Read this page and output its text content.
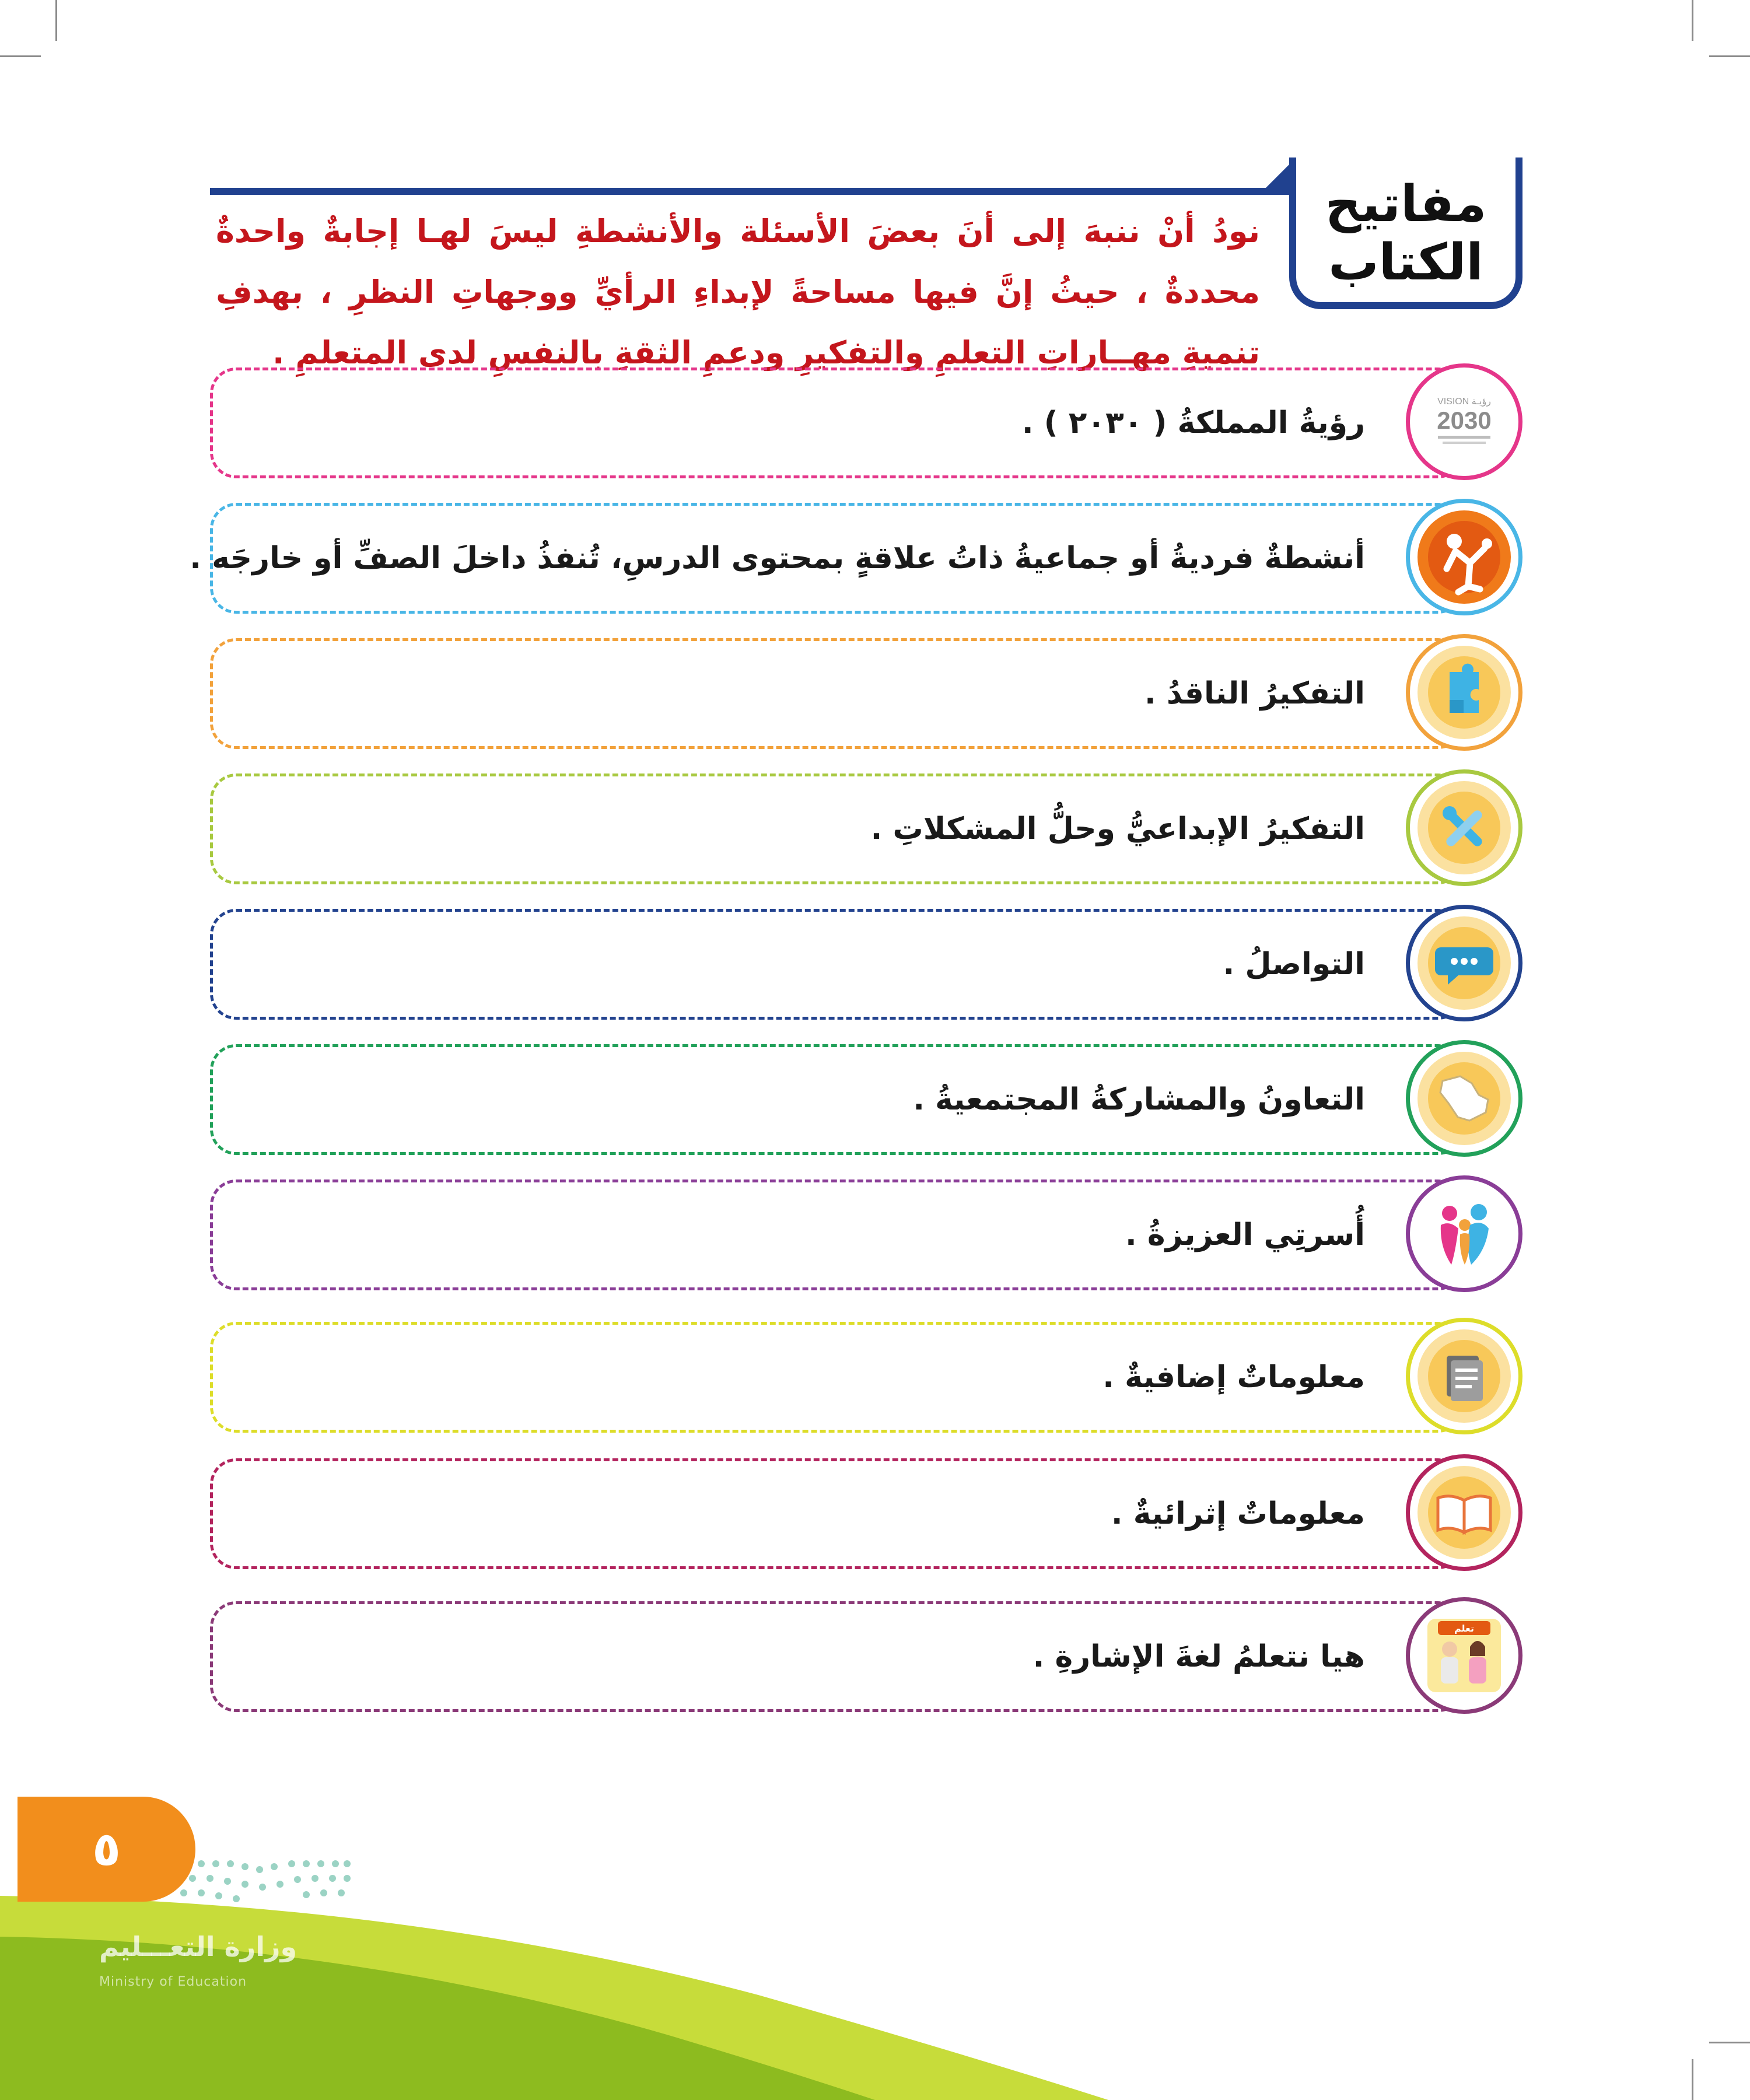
مفاتيح
الكتاب
نودُ أنْ ننبهَ إلى أنَ بعضَ الأسئلة والأنشطةِ ليسَ لهـا إجابةٌ واحدةٌ محددةٌ ، حيثُ إنَّ فيها مساحةً لإبداءِ الرأيِّ ووجهاتِ النظرِ ، بهدفِ تنميةِ مهــاراتِ التعلمِ والتفكيرِ ودعمِ الثقةِ بالنفسِ لدى المتعلمِ .
رؤيةُ المملكةُ ( ٢٠٣٠ ) .
VISION رؤيـة
2030
أنشطةٌ فرديةُ أو جماعيةُ ذاتُ علاقةٍ بمحتوى الدرسِ، تُنفذُ داخلَ الصفِّ أو خارجَه .
التفكيرُ الناقدُ .
التفكيرُ الإبداعيُّ وحلُّ المشكلاتِ .
التواصلُ .
التعاونُ والمشاركةُ المجتمعيةُ .
أُسرتِي العزيزةُ .
معلوماتٌ إضافيةٌ .
معلوماتٌ إثرائيةٌ .
هيا نتعلمُ لغةَ الإشارةِ .
تعلم
٥
وزارة التعـــليم
Ministry of Education
